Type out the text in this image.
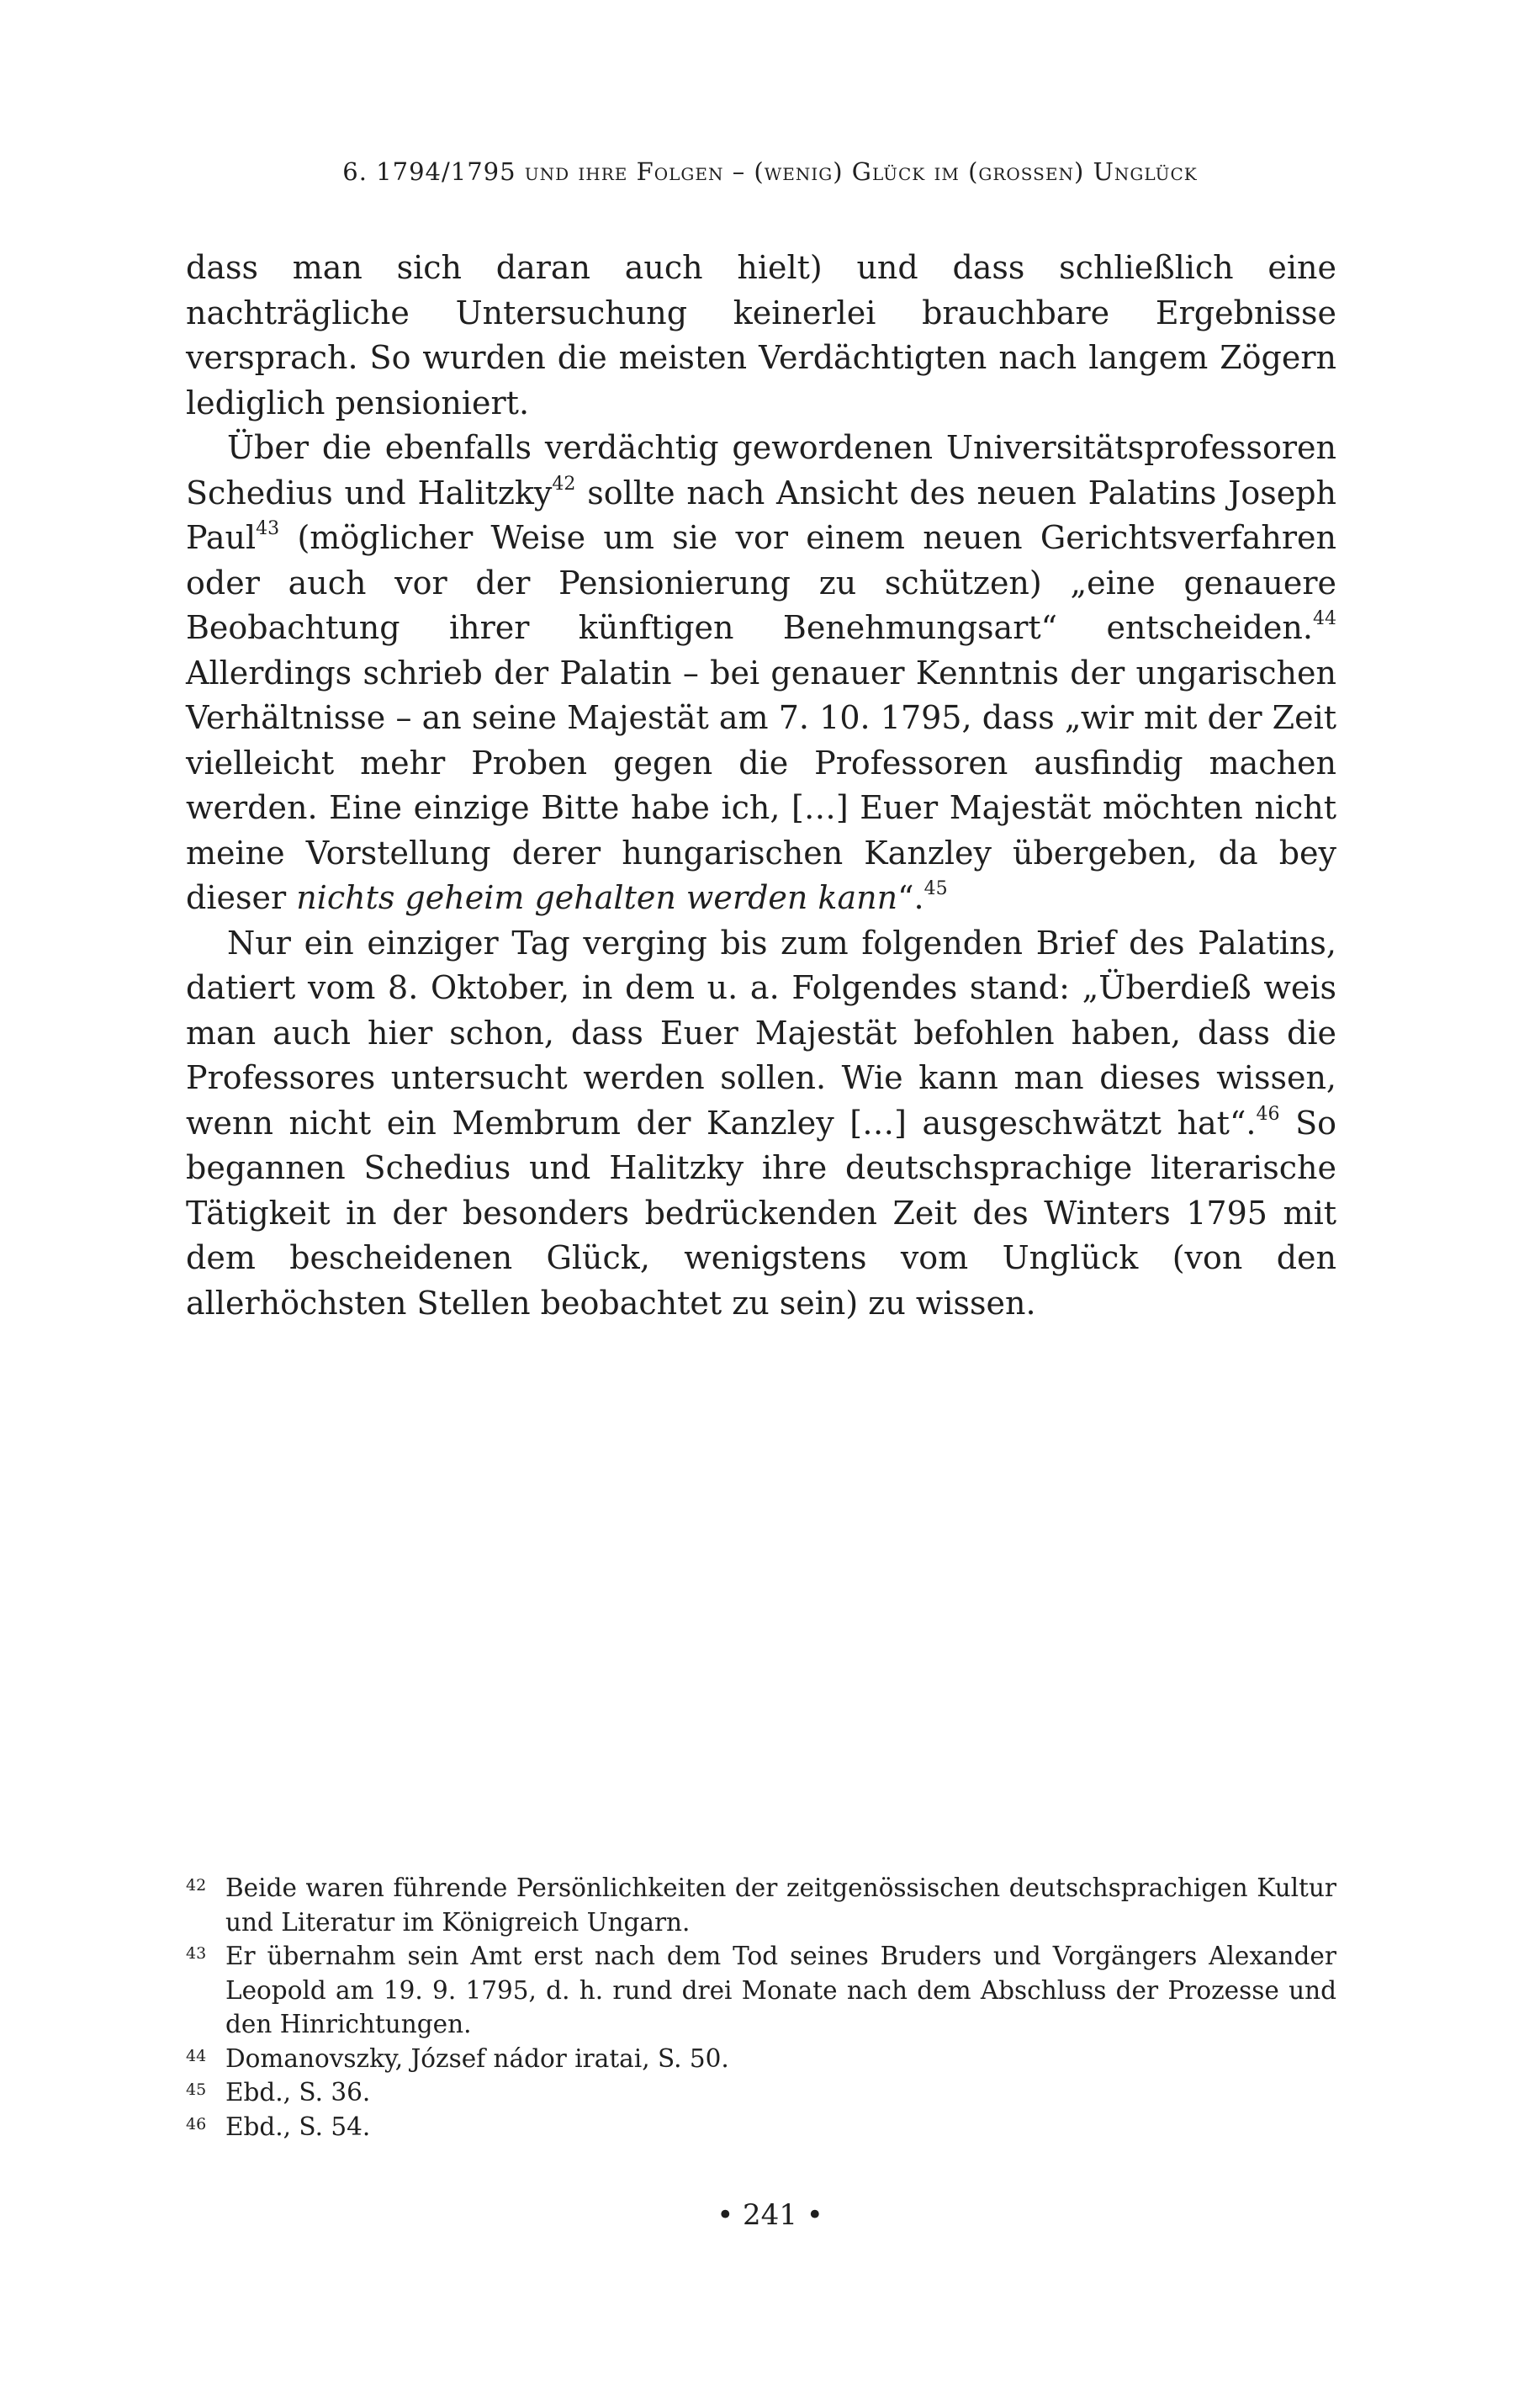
6. 1794/1795 und ihre Folgen – (wenig) Glück im (grossen) Unglück

dass man sich daran auch hielt) und dass schließlich eine nachträgliche Untersuchung keinerlei brauchbare Ergebnisse versprach. So wurden die meisten Verdächtigten nach langem Zögern lediglich pensioniert.

Über die ebenfalls verdächtig gewordenen Universitätsprofessoren Schedius und Halitzky$^{42}$ sollte nach Ansicht des neuen Palatins Joseph Paul$^{43}$ (möglicher Weise um sie vor einem neuen Gerichtsverfahren oder auch vor der Pensionierung zu schützen) „eine genauere Beobachtung ihrer künftigen Benehmungsart“ entscheiden.$^{44}$ Allerdings schrieb der Palatin – bei genauer Kenntnis der ungarischen Verhältnisse – an seine Majestät am 7. 10. 1795, dass „wir mit der Zeit vielleicht mehr Proben gegen die Professoren ausfindig machen werden. Eine einzige Bitte habe ich, […] Euer Majestät möchten nicht meine Vorstellung derer hungarischen Kanzley übergeben, da bey dieser nichts geheim gehalten werden kann“.$^{45}$

Nur ein einziger Tag verging bis zum folgenden Brief des Palatins, datiert vom 8. Oktober, in dem u. a. Folgendes stand: „Überdieß weis man auch hier schon, dass Euer Majestät befohlen haben, dass die Professores untersucht werden sollen. Wie kann man dieses wissen, wenn nicht ein Membrum der Kanzley […] ausgeschwätzt hat“.$^{46}$ So begannen Schedius und Halitzky ihre deutschsprachige literarische Tätigkeit in der besonders bedrückenden Zeit des Winters 1795 mit dem bescheidenen Glück, wenigstens vom Unglück (von den allerhöchsten Stellen beobachtet zu sein) zu wissen.

42 Beide waren führende Persönlichkeiten der zeitgenössischen deutschsprachigen Kultur und Literatur im Königreich Ungarn.
43 Er übernahm sein Amt erst nach dem Tod seines Bruders und Vorgängers Alexander Leopold am 19. 9. 1795, d. h. rund drei Monate nach dem Abschluss der Prozesse und den Hinrichtungen.
44 Domanovszky, József nádor iratai, S. 50.
45 Ebd., S. 36.
46 Ebd., S. 54.
• 241 •
